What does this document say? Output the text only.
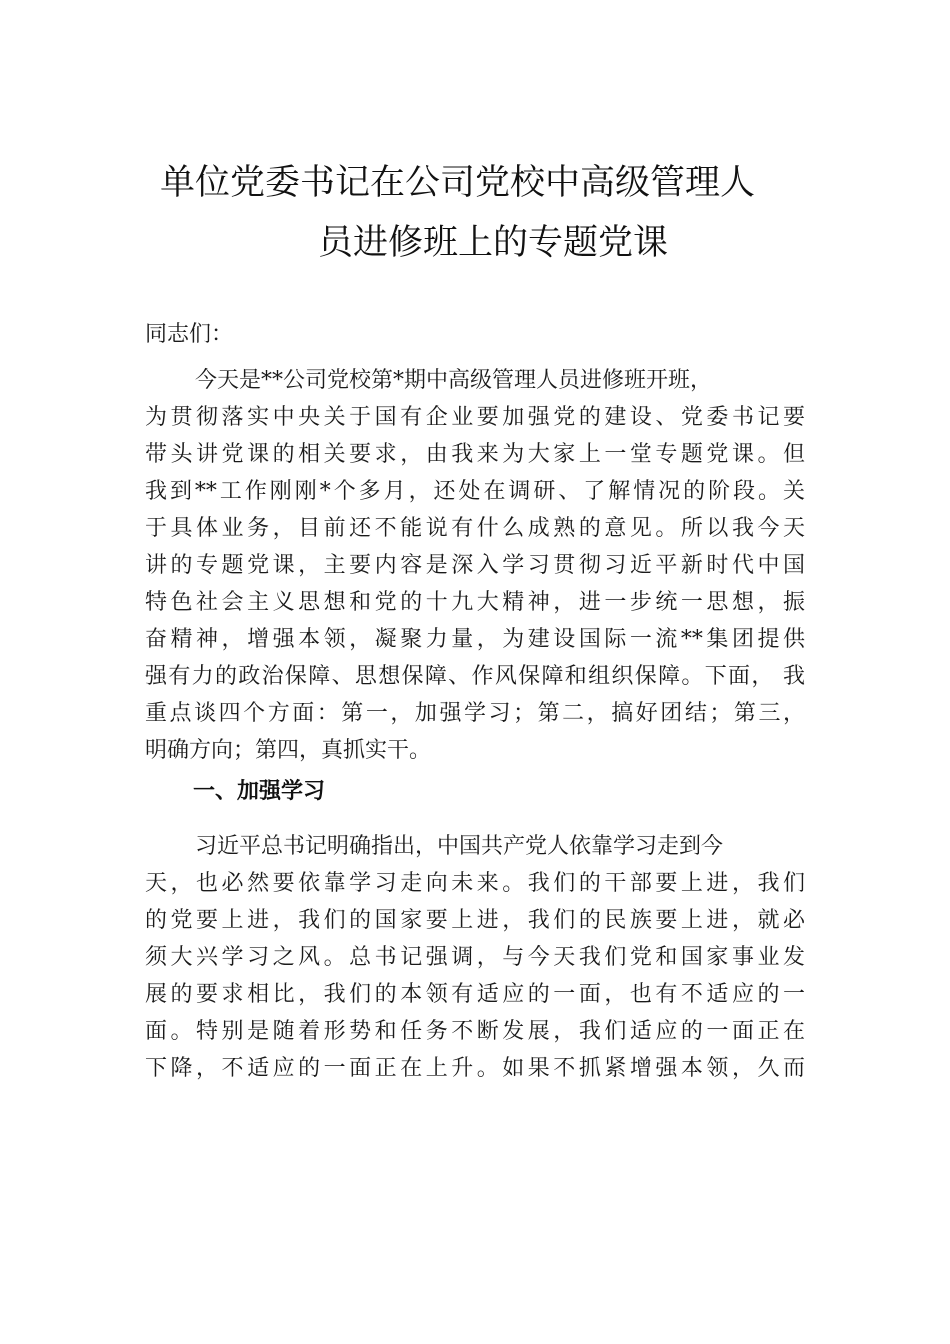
单位党委书记在公司党校中高级管理人
员进修班上的专题党课
同志们：
今天是**公司党校第*期中高级管理人员进修班开班，
为贯彻落实中央关于国有企业要加强党的建设、党委书记要
带头讲党课的相关要求，由我来为大家上一堂专题党课。但
我到**工作刚刚*个多月，还处在调研、了解情况的阶段。关
于具体业务，目前还不能说有什么成熟的意见。所以我今天
讲的专题党课，主要内容是深入学习贯彻习近平新时代中国
特色社会主义思想和党的十九大精神，进一步统一思想，振
奋精神，增强本领，凝聚力量，为建设国际一流**集团提供
强有力的政治保障、思想保障、作风保障和组织保障。下面， 我
重点谈四个方面：第一，加强学习；第二，搞好团结；第三，
明确方向；第四，真抓实干。
一、加强学习
习近平总书记明确指出，中国共产党人依靠学习走到今
天，也必然要依靠学习走向未来。我们的干部要上进，我们
的党要上进，我们的国家要上进，我们的民族要上进，就必
须大兴学习之风。总书记强调，与今天我们党和国家事业发
展的要求相比，我们的本领有适应的一面，也有不适应的一
面。特别是随着形势和任务不断发展，我们适应的一面正在
下降，不适应的一面正在上升。如果不抓紧增强本领，久而
